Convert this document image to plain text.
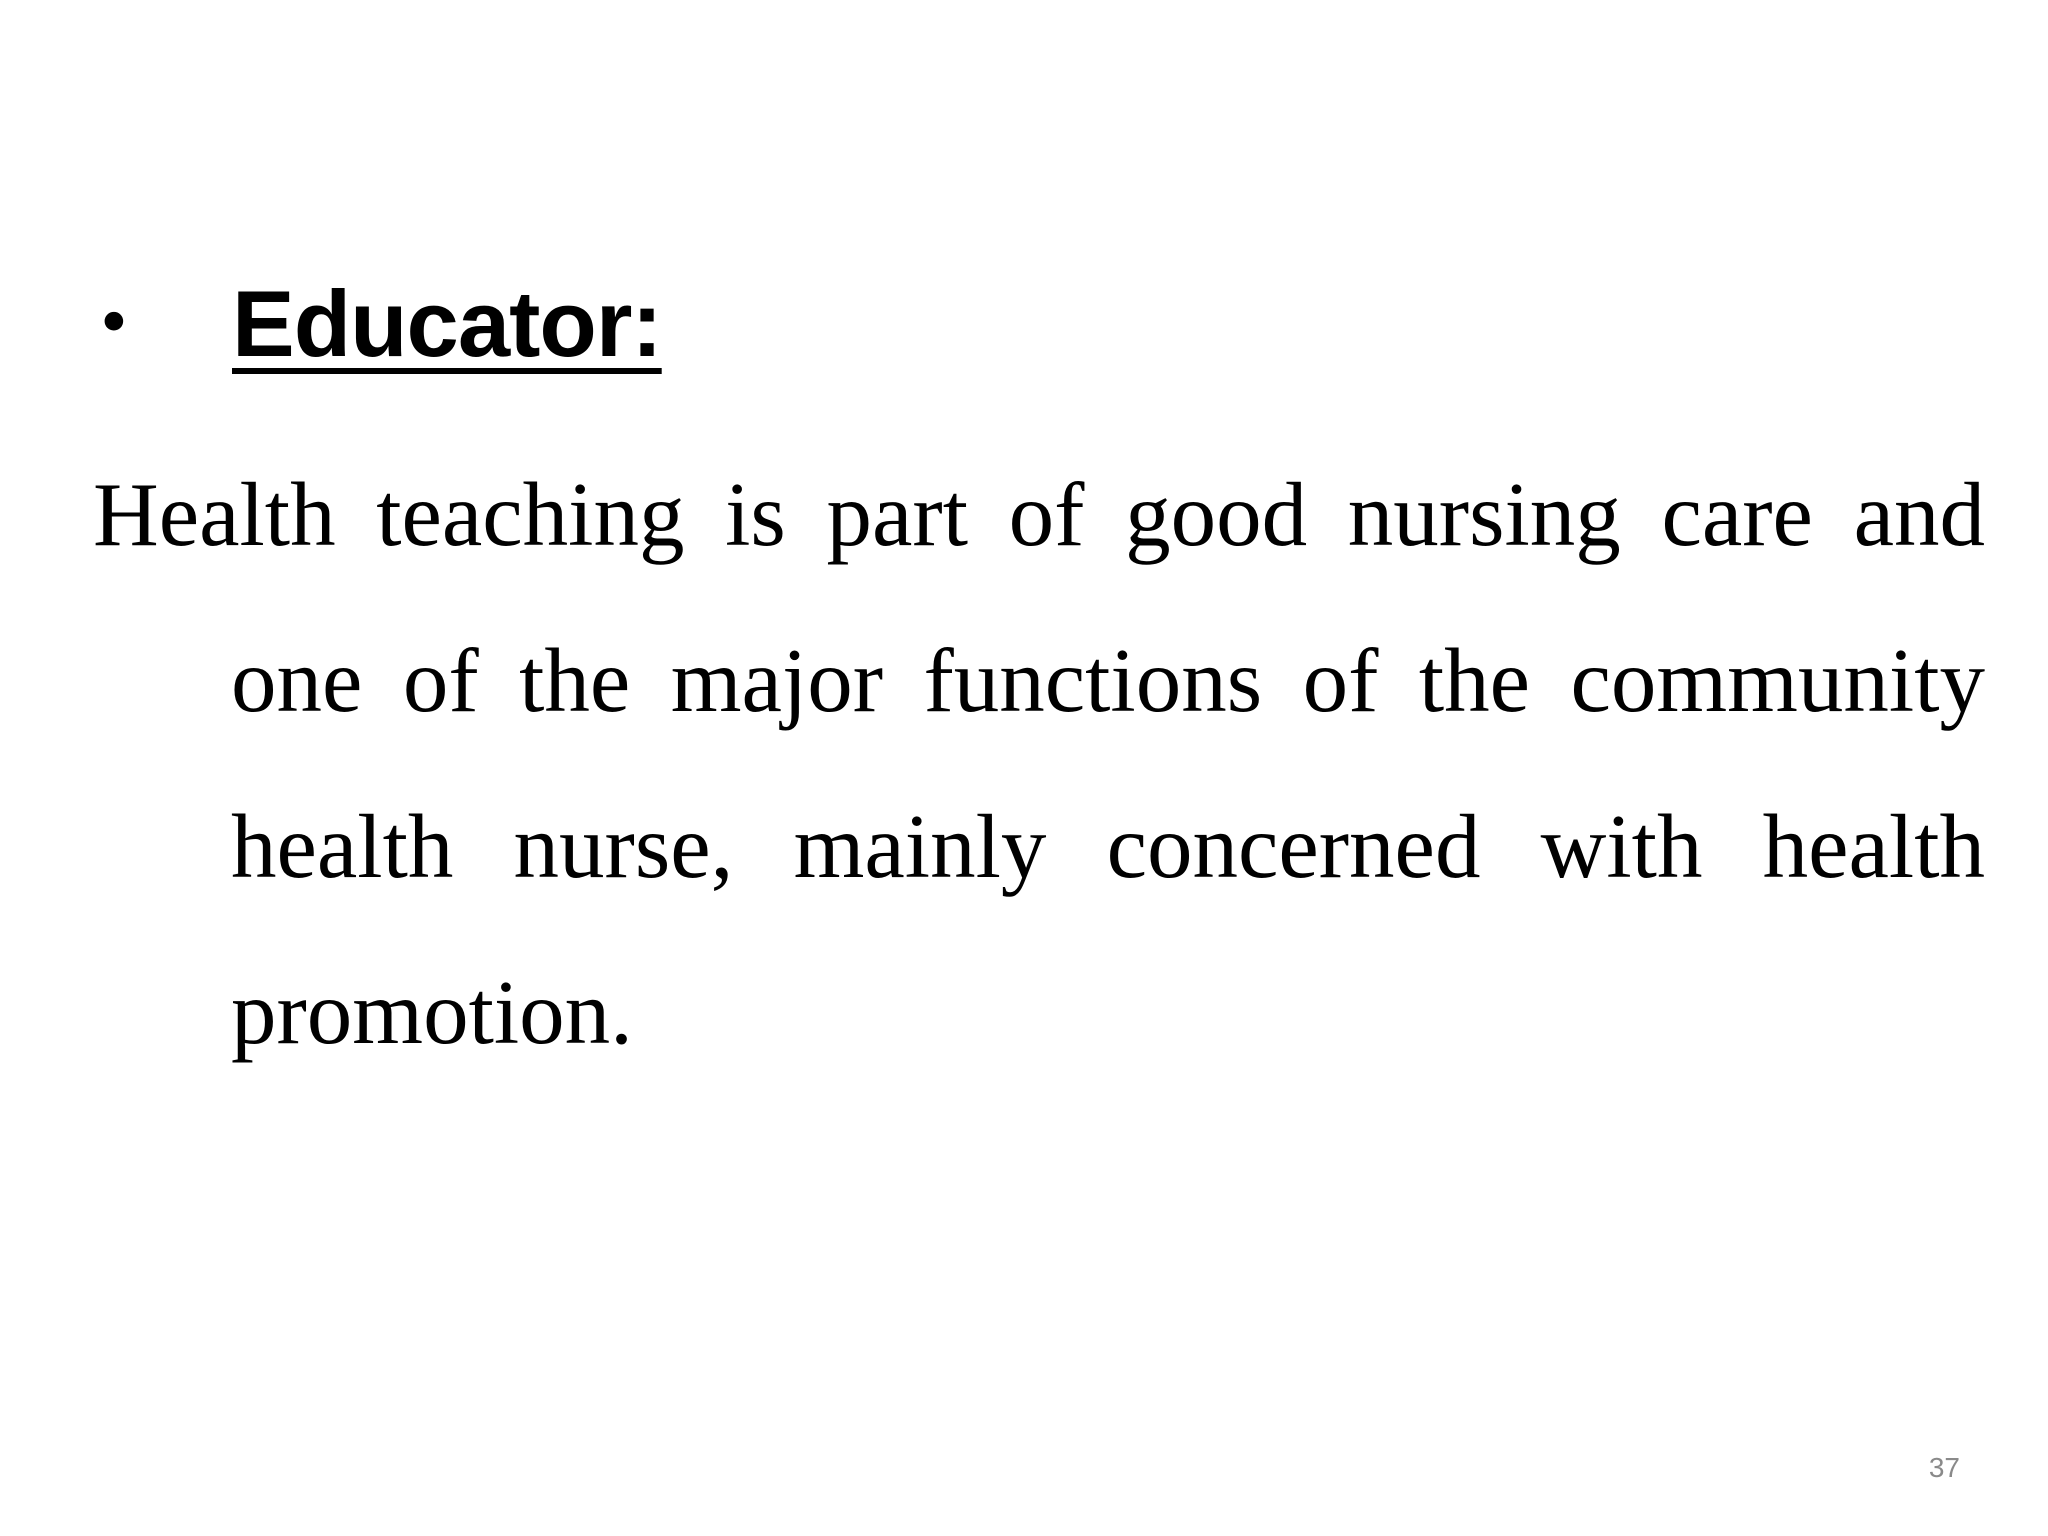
•	Educator:

Health teaching is part of good nursing care and one of the major functions of the community health nurse, mainly concerned with health promotion.

37
